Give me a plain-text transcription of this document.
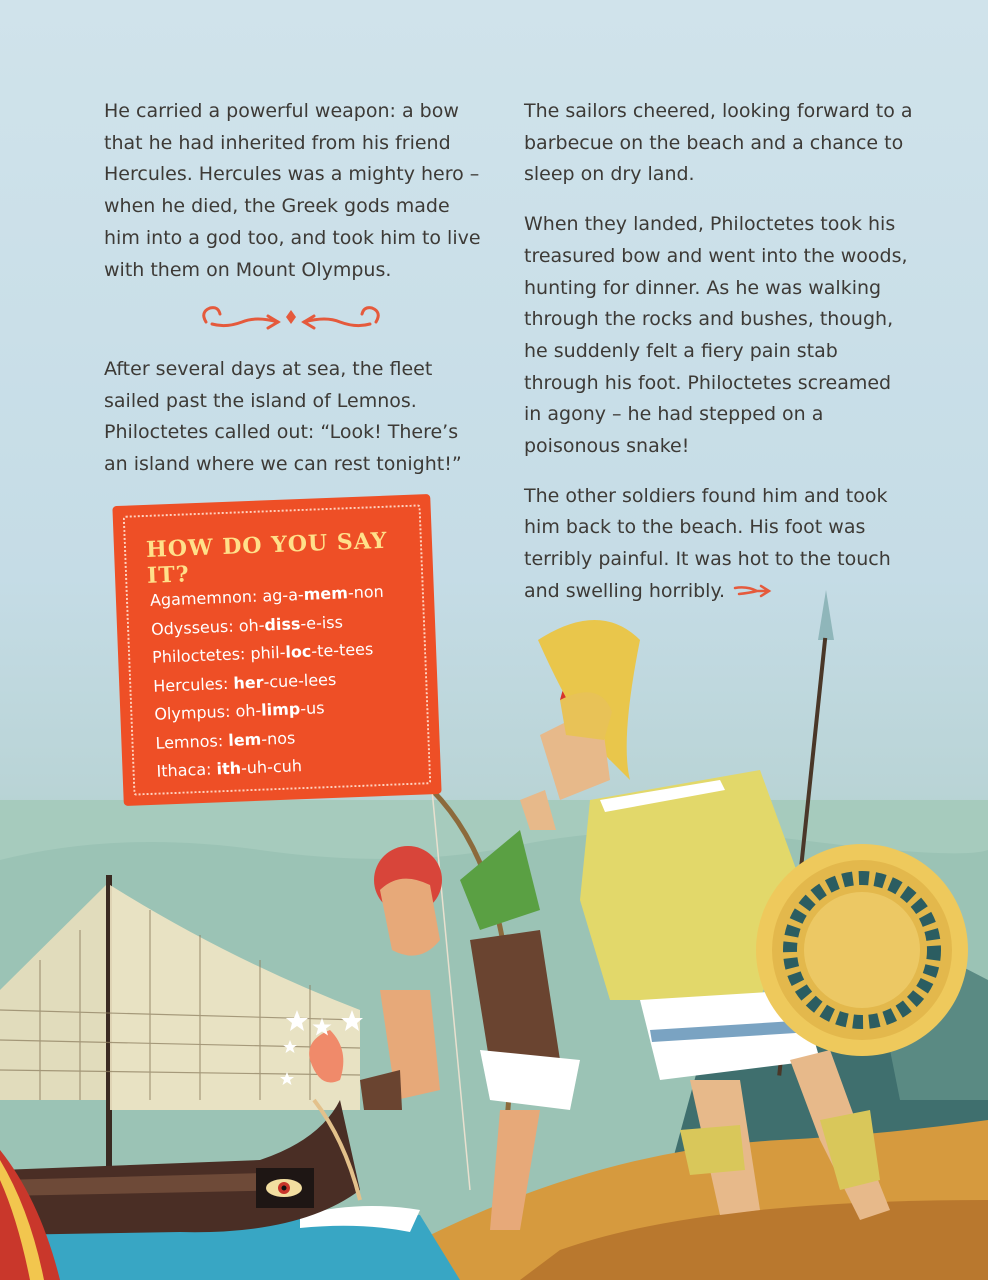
He carried a powerful weapon: a bow that he had inherited from his friend Hercules. Hercules was a mighty hero – when he died, the Greek gods made him into a god too, and took him to live with them on Mount Olympus.

After several days at sea, the fleet sailed past the island of Lemnos. Philoctetes called out: “Look! There’s an island where we can rest tonight!”

The sailors cheered, looking forward to a barbecue on the beach and a chance to sleep on dry land.

When they landed, Philoctetes took his treasured bow and went into the woods, hunting for dinner. As he was walking through the rocks and bushes, though, he suddenly felt a fiery pain stab through his foot. Philoctetes screamed in agony – he had stepped on a poisonous snake!

The other soldiers found him and took him back to the beach. His foot was terribly painful. It was hot to the touch and swelling horribly.

HOW DO YOU SAY IT?
Agamemnon: ag-a-mem-non
Odysseus: oh-diss-e-iss
Philoctetes: phil-loc-te-tees
Hercules: her-cue-lees
Olympus: oh-limp-us
Lemnos: lem-nos
Ithaca: ith-uh-cuh
